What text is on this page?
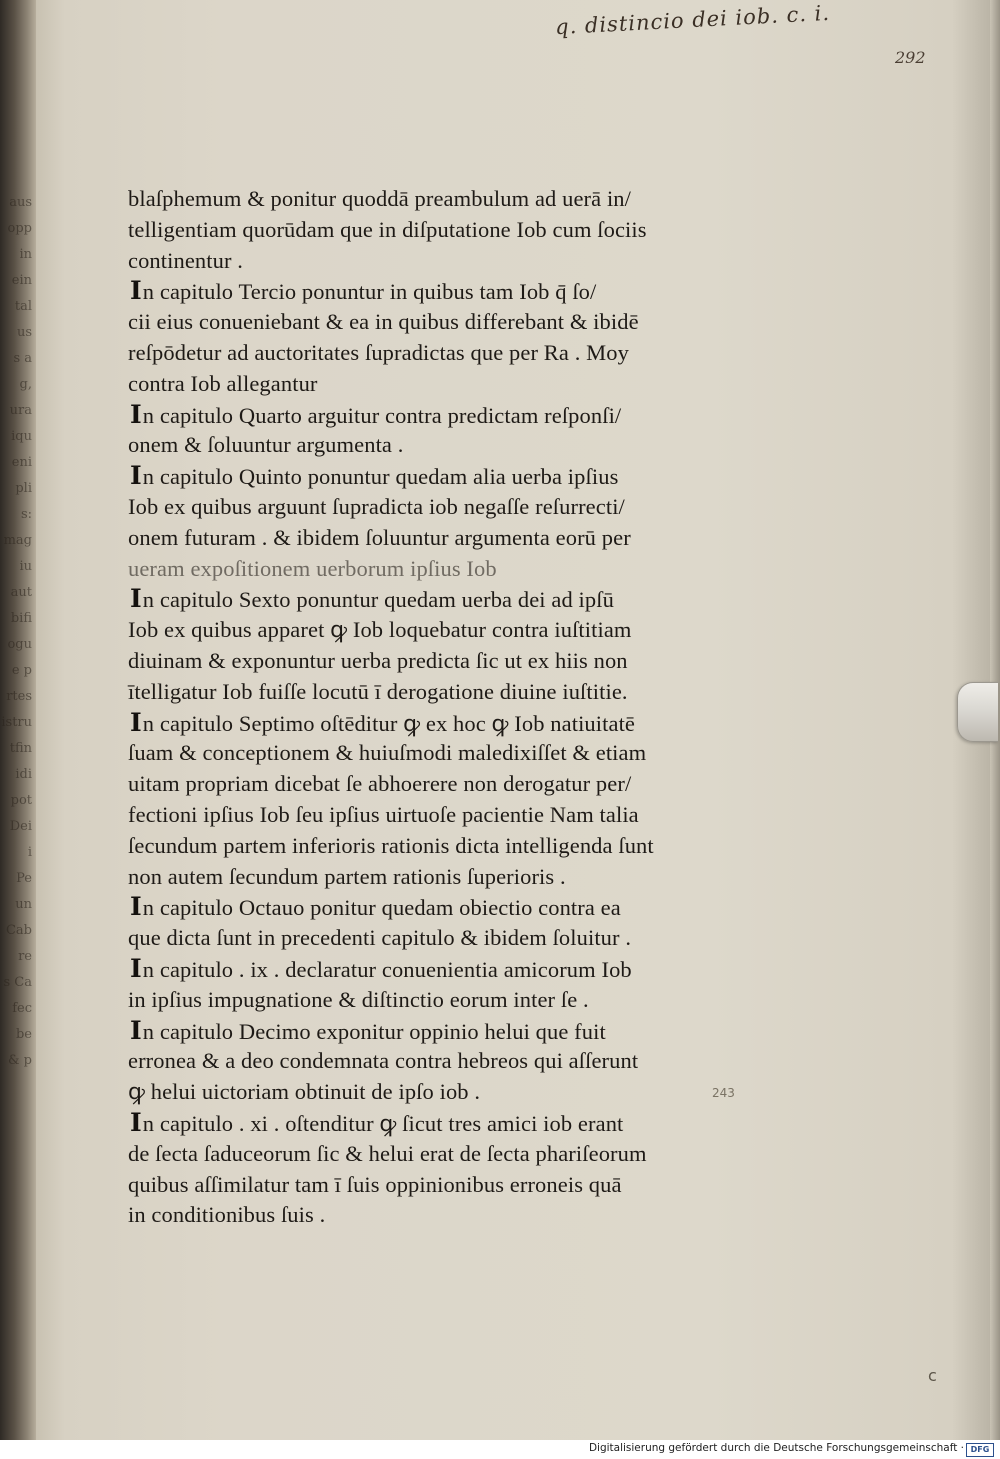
aus
opp
in
ein
tal
us
s a
g,
ura
iqu
eni
pli
s:
mag
iu
aut
bifi
ogu
e p
rtes
istru
tfin
idi
pot
Dei
i
Pe
un
Cab
re
s Ca
fec
be
& p
q. distincio dei iob. c. i.
292
blaſphemum & ponitur quoddā preambulum ad uerā in/
telligentiam quorūdam que in diſputatione Iob cum ſociis
continentur .
In capitulo Tercio ponuntur in quibus tam Iob q̄ ſo/
cii eius conueniebant & ea in quibus differebant & ibidē
reſpōdetur ad auctoritates ſupradictas que per Ra . Moy
contra Iob allegantur
In capitulo Quarto arguitur contra predictam reſponſi/
onem & ſoluuntur argumenta .
In capitulo Quinto ponuntur quedam alia uerba ipſius
Iob ex quibus arguunt ſupradicta iob negaſſe reſurrecti/
onem futuram . & ibidem ſoluuntur argumenta eorū per
ueram expoſitionem uerborum ipſius Iob
In capitulo Sexto ponuntur quedam uerba dei ad ipſū
Iob ex quibus apparet ꝙ Iob loquebatur contra iuſtitiam
diuinam & exponuntur uerba predicta ſic ut ex hiis non
ītelligatur Iob fuiſſe locutū ī derogatione diuine iuſtitie.
In capitulo Septimo oſtēditur ꝙ ex hoc ꝙ Iob natiuitatē
ſuam & conceptionem & huiuſmodi maledixiſſet & etiam
uitam propriam dicebat ſe abhoerere non derogatur per/
fectioni ipſius Iob ſeu ipſius uirtuoſe pacientie Nam talia
ſecundum partem inferioris rationis dicta intelligenda ſunt
non autem ſecundum partem rationis ſuperioris .
In capitulo Octauo ponitur quedam obiectio contra ea
que dicta ſunt in precedenti capitulo & ibidem ſoluitur .
In capitulo . ix . declaratur conuenientia amicorum Iob
in ipſius impugnatione & diſtinctio eorum inter ſe .
In capitulo Decimo exponitur oppinio helui que fuit
erronea & a deo condemnata contra hebreos qui aſſerunt
ꝙ helui uictoriam obtinuit de ipſo iob .
In capitulo . xi . oſtenditur ꝙ ſicut tres amici iob erant
de ſecta ſaduceorum ſic & helui erat de ſecta phariſeorum
quibus aſſimilatur tam ī ſuis oppinionibus erroneis quā
in conditionibus ſuis .
243
c
Digitalisierung gefördert durch die Deutsche Forschungsgemeinschaft · DFG
